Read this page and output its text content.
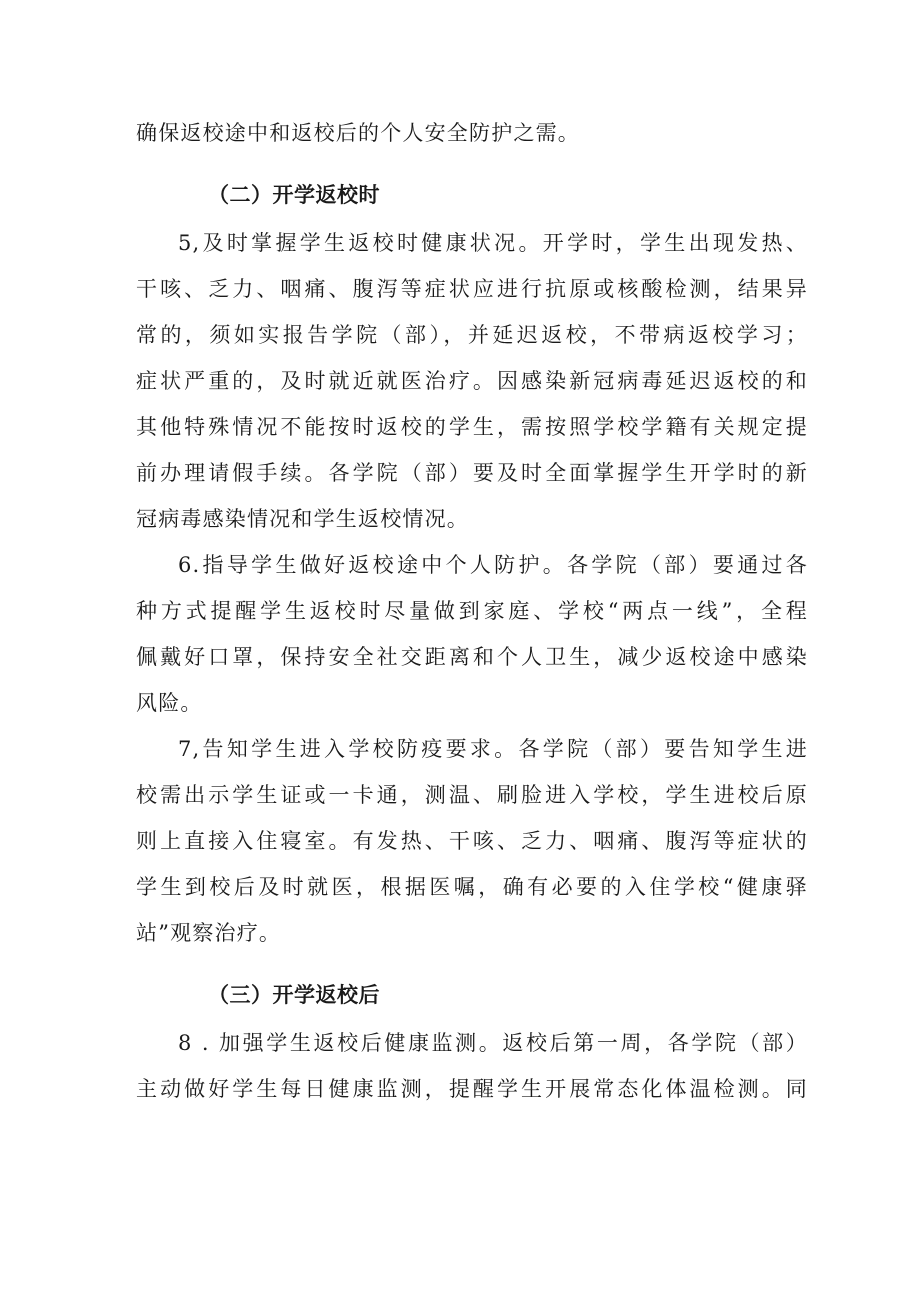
确保返校途中和返校后的个人安全防护之需。
（二）开学返校时
5,及时掌握学生返校时健康状况。开学时，学生出现发热、
干咳、乏力、咽痛、腹泻等症状应进行抗原或核酸检测，结果异
常的，须如实报告学院（部），并延迟返校，不带病返校学习；
症状严重的，及时就近就医治疗。因感染新冠病毒延迟返校的和
其他特殊情况不能按时返校的学生，需按照学校学籍有关规定提
前办理请假手续。各学院（部）要及时全面掌握学生开学时的新
冠病毒感染情况和学生返校情况。
6.指导学生做好返校途中个人防护。各学院（部）要通过各
种方式提醒学生返校时尽量做到家庭、学校“两点一线”，全程
佩戴好口罩，保持安全社交距离和个人卫生，减少返校途中感染
风险。
7,告知学生进入学校防疫要求。各学院（部）要告知学生进
校需出示学生证或一卡通，测温、刷脸进入学校，学生进校后原
则上直接入住寝室。有发热、干咳、乏力、咽痛、腹泻等症状的
学生到校后及时就医，根据医嘱，确有必要的入住学校“健康驿
站”观察治疗。
（三）开学返校后
8 . 加强学生返校后健康监测。返校后第一周，各学院（部）
主动做好学生每日健康监测，提醒学生开展常态化体温检测。同
